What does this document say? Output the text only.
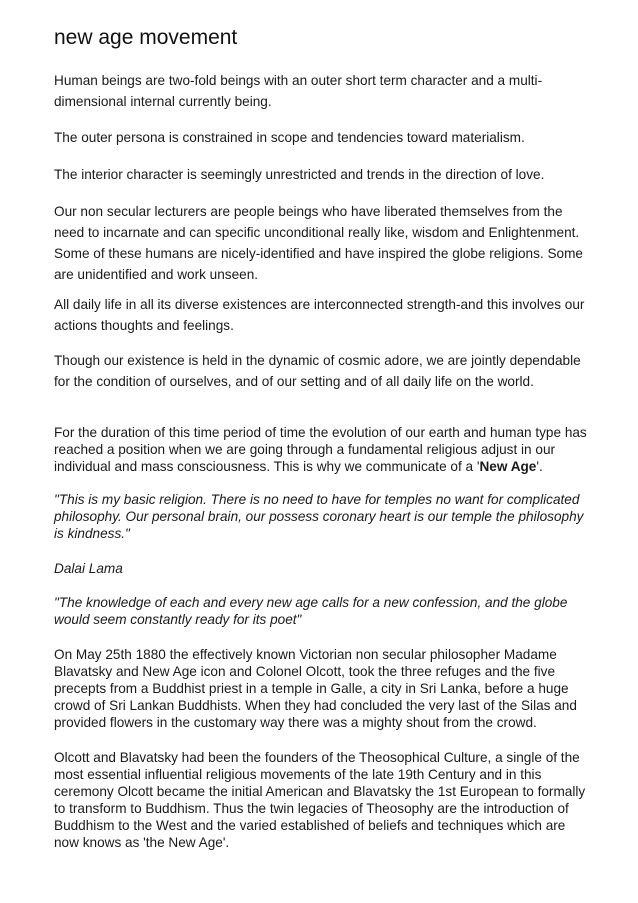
new age movement

Human beings are two-fold beings with an outer short term character and a multi-dimensional internal currently being.

The outer persona is constrained in scope and tendencies toward materialism.

The interior character is seemingly unrestricted and trends in the direction of love.

Our non secular lecturers are people beings who have liberated themselves from the need to incarnate and can specific unconditional really like, wisdom and Enlightenment. Some of these humans are nicely-identified and have inspired the globe religions. Some are unidentified and work unseen.

All daily life in all its diverse existences are interconnected strength-and this involves our actions thoughts and feelings.

Though our existence is held in the dynamic of cosmic adore, we are jointly dependable for the condition of ourselves, and of our setting and of all daily life on the world.

For the duration of this time period of time the evolution of our earth and human type has reached a position when we are going through a fundamental religious adjust in our individual and mass consciousness. This is why we communicate of a 'New Age'.

"This is my basic religion. There is no need to have for temples no want for complicated philosophy. Our personal brain, our possess coronary heart is our temple the philosophy is kindness."

Dalai Lama

"The knowledge of each and every new age calls for a new confession, and the globe would seem constantly ready for its poet"

On May 25th 1880 the effectively known Victorian non secular philosopher Madame Blavatsky and New Age icon and Colonel Olcott, took the three refuges and the five precepts from a Buddhist priest in a temple in Galle, a city in Sri Lanka, before a huge crowd of Sri Lankan Buddhists. When they had concluded the very last of the Silas and provided flowers in the customary way there was a mighty shout from the crowd.

Olcott and Blavatsky had been the founders of the Theosophical Culture, a single of the most essential influential religious movements of the late 19th Century and in this ceremony Olcott became the initial American and Blavatsky the 1st European to formally to transform to Buddhism. Thus the twin legacies of Theosophy are the introduction of Buddhism to the West and the varied established of beliefs and techniques which are now knows as 'the New Age'.
